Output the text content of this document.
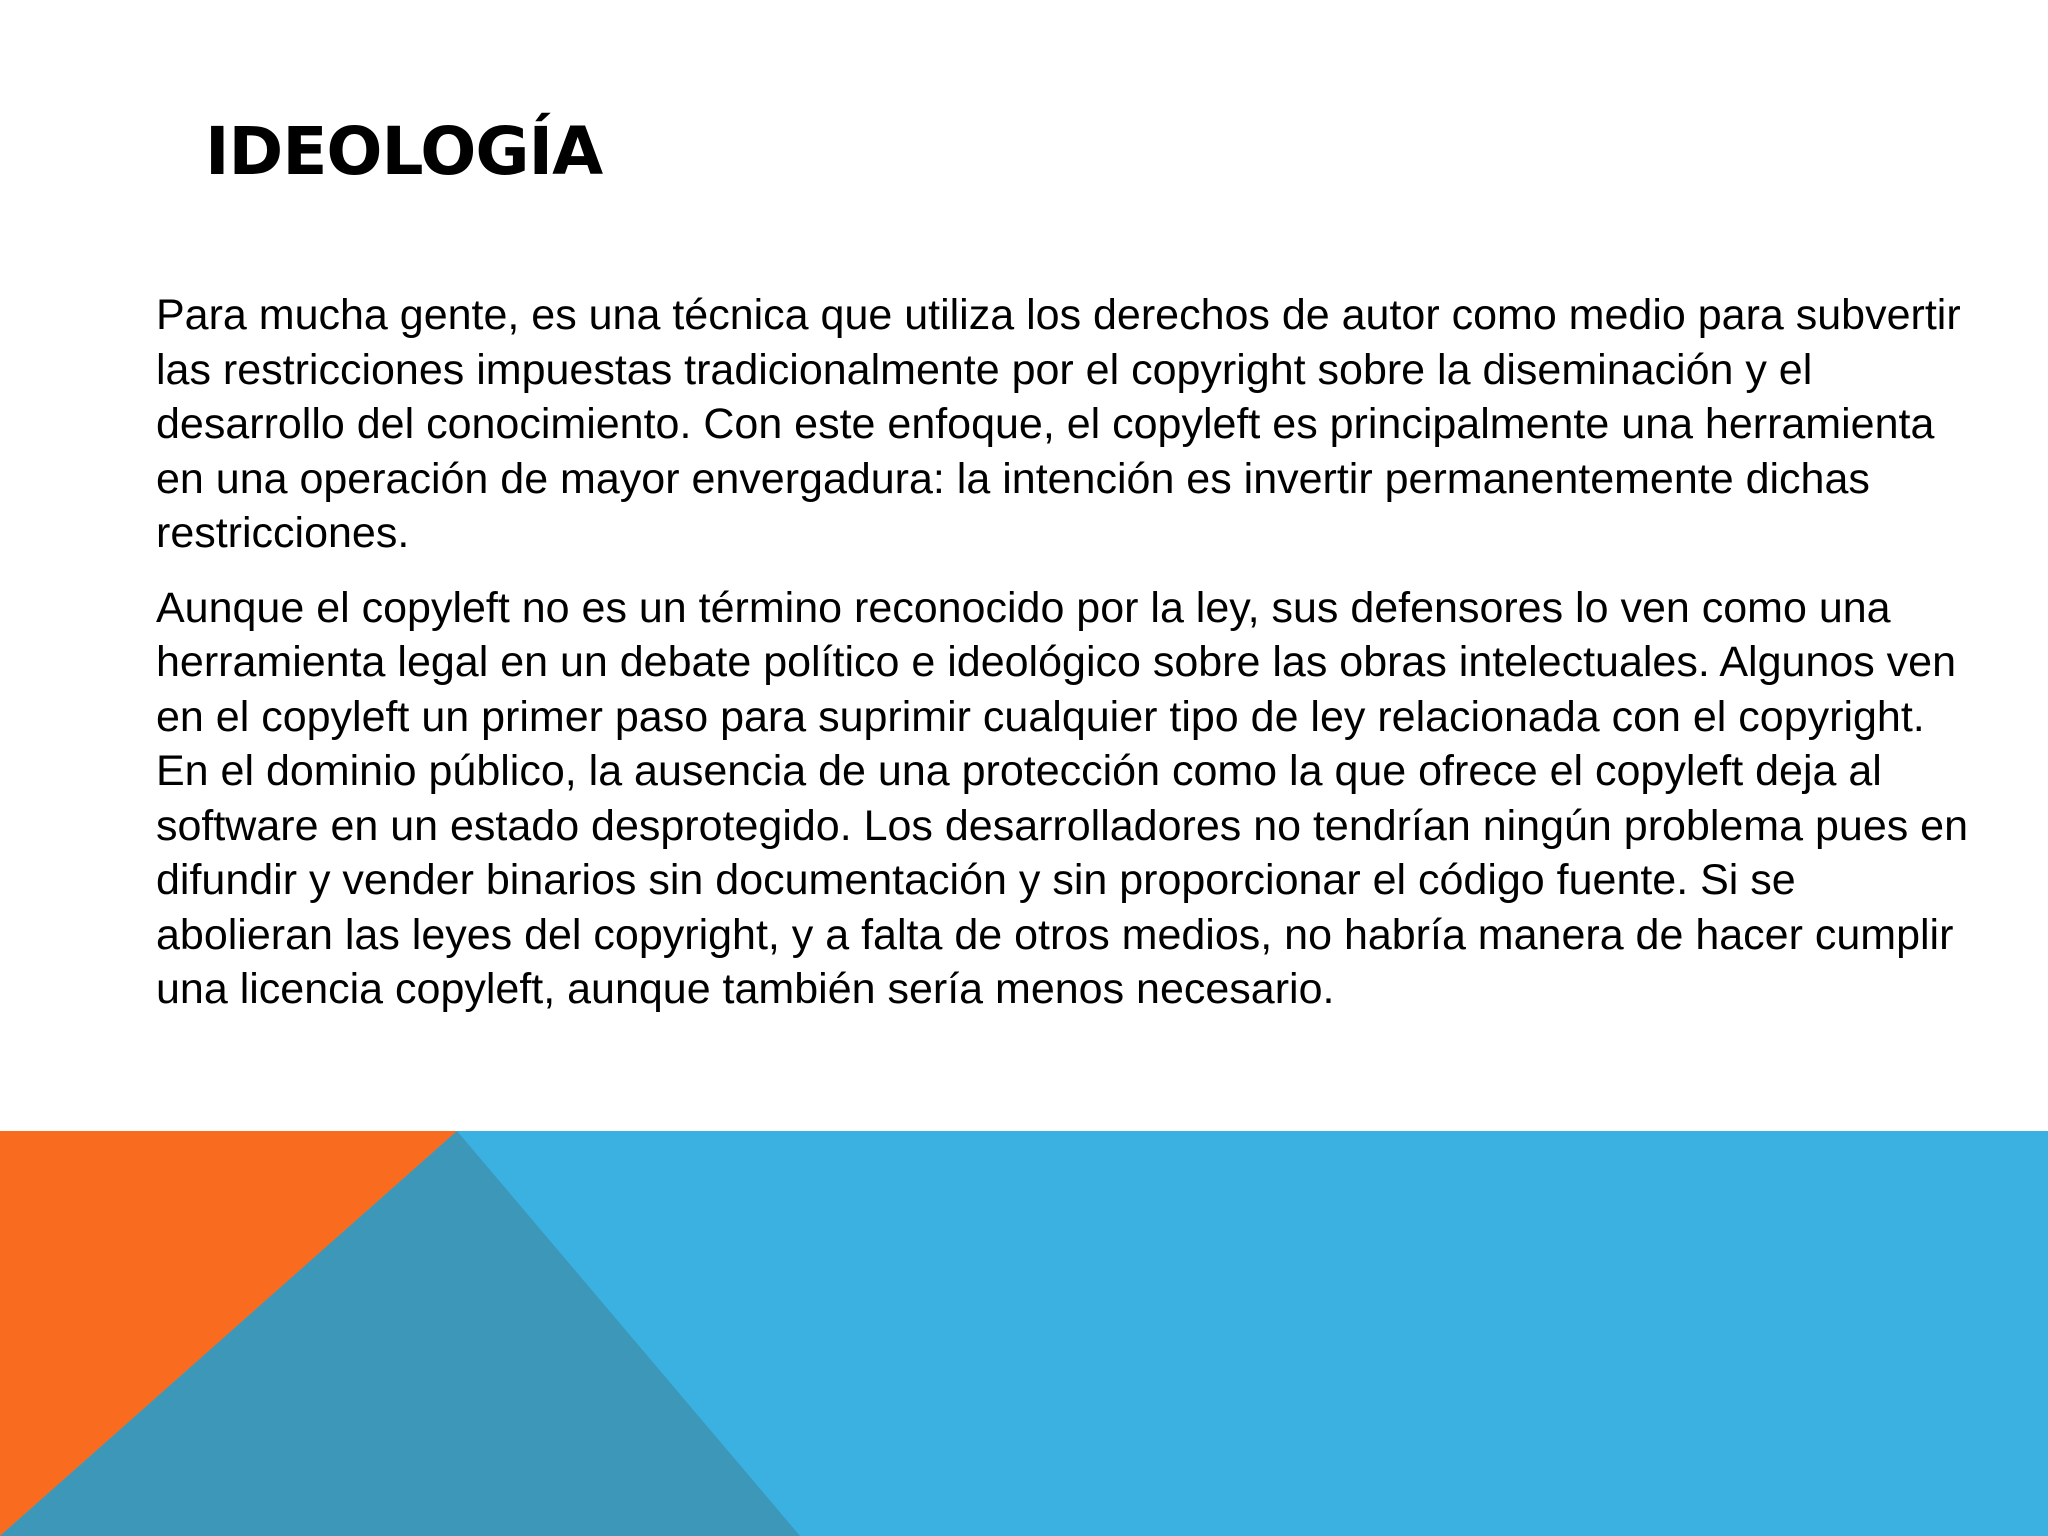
IDEOLOGÍA

Para mucha gente, es una técnica que utiliza los derechos de autor como medio para subvertir las restricciones impuestas tradicionalmente por el copyright sobre la diseminación y el desarrollo del conocimiento. Con este enfoque, el copyleft es principalmente una herramienta en una operación de mayor envergadura: la intención es invertir permanentemente dichas restricciones.

Aunque el copyleft no es un término reconocido por la ley, sus defensores lo ven como una herramienta legal en un debate político e ideológico sobre las obras intelectuales. Algunos ven en el copyleft un primer paso para suprimir cualquier tipo de ley relacionada con el copyright. En el dominio público, la ausencia de una protección como la que ofrece el copyleft deja al software en un estado desprotegido. Los desarrolladores no tendrían ningún problema pues en difundir y vender binarios sin documentación y sin proporcionar el código fuente. Si se abolieran las leyes del copyright, y a falta de otros medios, no habría manera de hacer cumplir una licencia copyleft, aunque también sería menos necesario.
